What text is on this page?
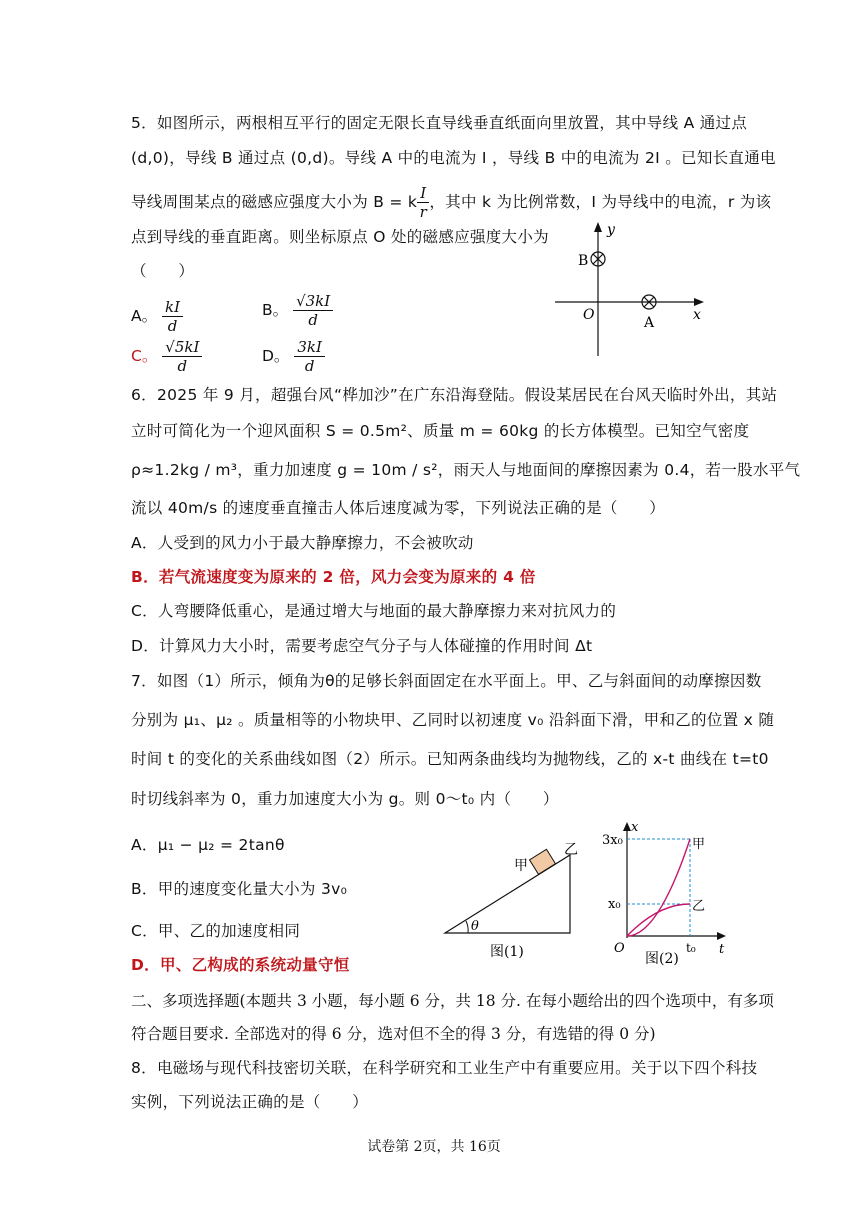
5．如图所示，两根相互平行的固定无限长直导线垂直纸面向里放置，其中导线 A 通过点
(d,0)，导线 B 通过点 (0,d)。导线 A 中的电流为 I ，导线 B 中的电流为 2I 。已知长直通电
导线周围某点的磁感应强度大小为 B = k $\frac{I}{r}$ ，其中 k 为比例常数，I 为导线中的电流，r 为该
点到导线的垂直距离。则坐标原点 O 处的磁感应强度大小为
（　　）
A。 $\frac{kI}{d}$	B。 $\frac{√3kI}{d}$
C。 $\frac{√5kI}{d}$	D。 $\frac{3kI}{d}$
y
x
O
B
A
6．2025 年 9 月，超强台风“桦加沙”在广东沿海登陆。假设某居民在台风天临时外出，其站
立时可简化为一个迎风面积 S = 0.5m²、质量 m = 60kg 的长方体模型。已知空气密度
ρ≈1.2kg / m³，重力加速度 g = 10m / s²，雨天人与地面间的摩擦因素为 0.4，若一股水平气
流以 40m/s 的速度垂直撞击人体后速度减为零，下列说法正确的是（　　）
A．人受到的风力小于最大静摩擦力，不会被吹动
B．若气流速度变为原来的 2 倍，风力会变为原来的 4 倍
C．人弯腰降低重心，是通过增大与地面的最大静摩擦力来对抗风力的
D．计算风力大小时，需要考虑空气分子与人体碰撞的作用时间 Δt
7．如图（1）所示，倾角为θ的足够长斜面固定在水平面上。甲、乙与斜面间的动摩擦因数
分别为 μ₁、μ₂ 。质量相等的小物块甲、乙同时以初速度 v₀ 沿斜面下滑，甲和乙的位置 x 随
时间 t 的变化的关系曲线如图（2）所示。已知两条曲线均为抛物线，乙的 x-t 曲线在 t=t0
时切线斜率为 0，重力加速度大小为 g。则 0～t₀ 内（　　）
A．μ₁ − μ₂ = 2tanθ
B．甲的速度变化量大小为 3v₀
C．甲、乙的加速度相同
D．甲、乙构成的系统动量守恒
甲
乙
θ
图(1)
x
t
O
3x₀
x₀
t₀
甲
乙
图(2)
二、多项选择题(本题共 3 小题，每小题 6 分，共 18 分. 在每小题给出的四个选项中，有多项
符合题目要求. 全部选对的得 6 分，选对但不全的得 3 分，有选错的得 0 分)
8．电磁场与现代科技密切关联，在科学研究和工业生产中有重要应用。关于以下四个科技
实例，下列说法正确的是（　　）
试卷第 2页，共 16页
